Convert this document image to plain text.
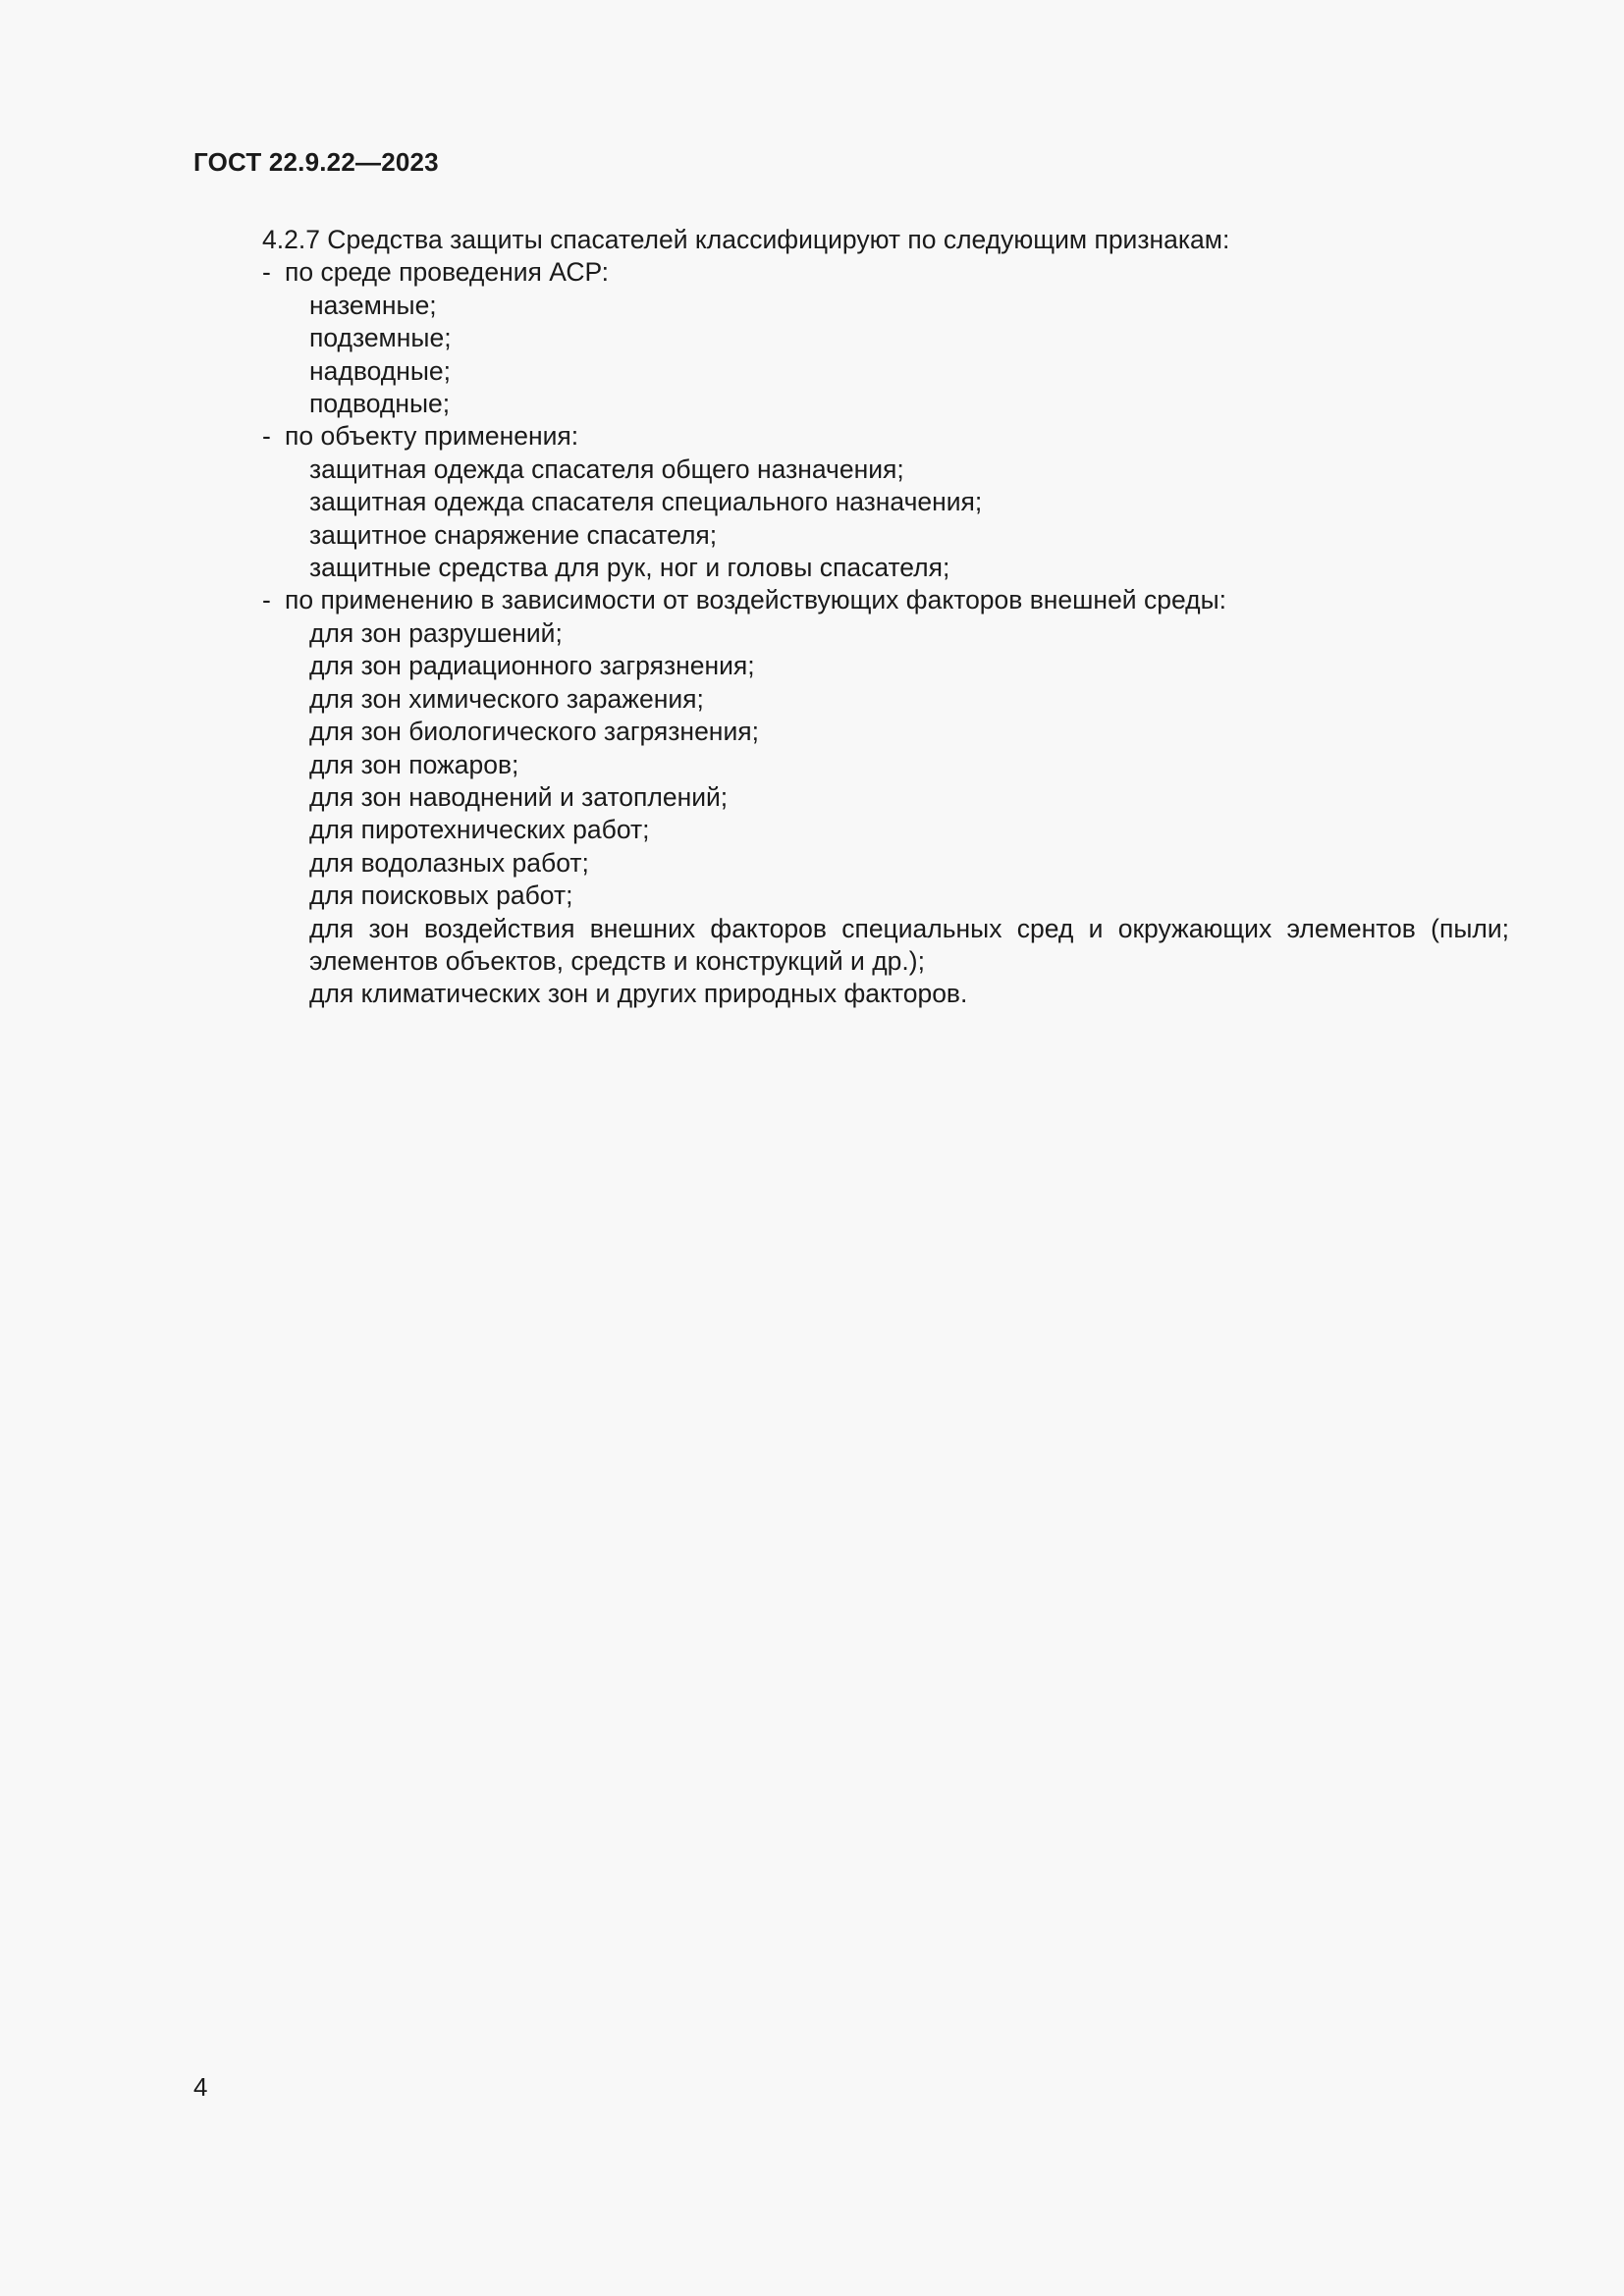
ГОСТ 22.9.22—2023

4.2.7 Средства защиты спасателей классифицируют по следующим признакам:

- по среде проведения АСР:

наземные;
подземные;
надводные;
подводные;

- по объекту применения:

защитная одежда спасателя общего назначения;
защитная одежда спасателя специального назначения;
защитное снаряжение спасателя;
защитные средства для рук, ног и головы спасателя;

- по применению в зависимости от воздействующих факторов внешней среды:

для зон разрушений;
для зон радиационного загрязнения;
для зон химического заражения;
для зон биологического загрязнения;
для зон пожаров;
для зон наводнений и затоплений;
для пиротехнических работ;
для водолазных работ;
для поисковых работ;
для зон воздействия внешних факторов специальных сред и окружающих элементов (пыли; элементов объектов, средств и конструкций и др.);
для климатических зон и других природных факторов.
4
